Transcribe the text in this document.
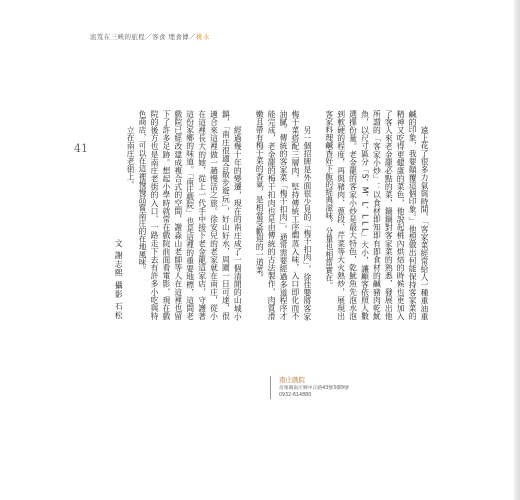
流笈在三峽的旅程／客食 埋食傳／桃水
41	遠上花了很多力氣與時間，「客家菜經常給人一種重油重鹹的印象，我要顛覆這個印象。」他想做出何能保持客家菜的精神又吃得更健康的菜色，他說起桃內烘焙的時候也更加入了客人來老金龍必點的菜，鍋鍋對客家菜的熟悉，發展出他所謂的「客家小炒」：以食材即知即有即食材的鹹豬肉乾魷魚，以尺寸區分「S、M、L、L L L」大小，讓顧客依照人數選擇份量。老金龍的客家小炒是最大特色，乾魷魚先泡水泡到軟硬的程度，再與豬肉、蔥段、芹菜等大火熱炒，展現出客家料理鹹香好下飯的經典滋味，分量也相當實在。

另一個招牌是外面很少見的「梅干扣肉」，徐佳嬰將客家梅干菜搭配三層肉，堅持傳統工序燜蒸入味，入口即化而不油膩。傳統的客家菜「梅干扣肉」，通常需要經過多道程序才能完成，老金龍的梅干扣肉也是由傳統的古法製作，肉質滑嫩且帶有梅干菜的香氣，是相當受歡迎的一道菜。

經過幾十年的變遷，現在的南庄成了一個清閒的山城小鎮，「南庄很適合散步遊玩」，好山好水，周圍一日可達，很適合來這裡做一趟慢活之旅。徐安兒的老家就在南庄，從小在這裡長大的她，從上一代手中接下老金龍這家店，守護著這份家鄉的味道。「南庄戲院」也是這裡的重要地標，這間老戲院已經改建成複合式的空間，謝淼山老師等人在這裡也留下了許多足跡。想起小學時就常在戲院前面看電影，現在戲院的後方也是南庄老街的入口，一路走下去有許多小吃與特色商店，可以在這裡慢慢品嘗南庄的在地風味。

立在南庄老街上。

文 謝志熙 攝影 石松

南庄戲院
苗栗縣南庄鄉中正路43號3樓9號
0932-614880
